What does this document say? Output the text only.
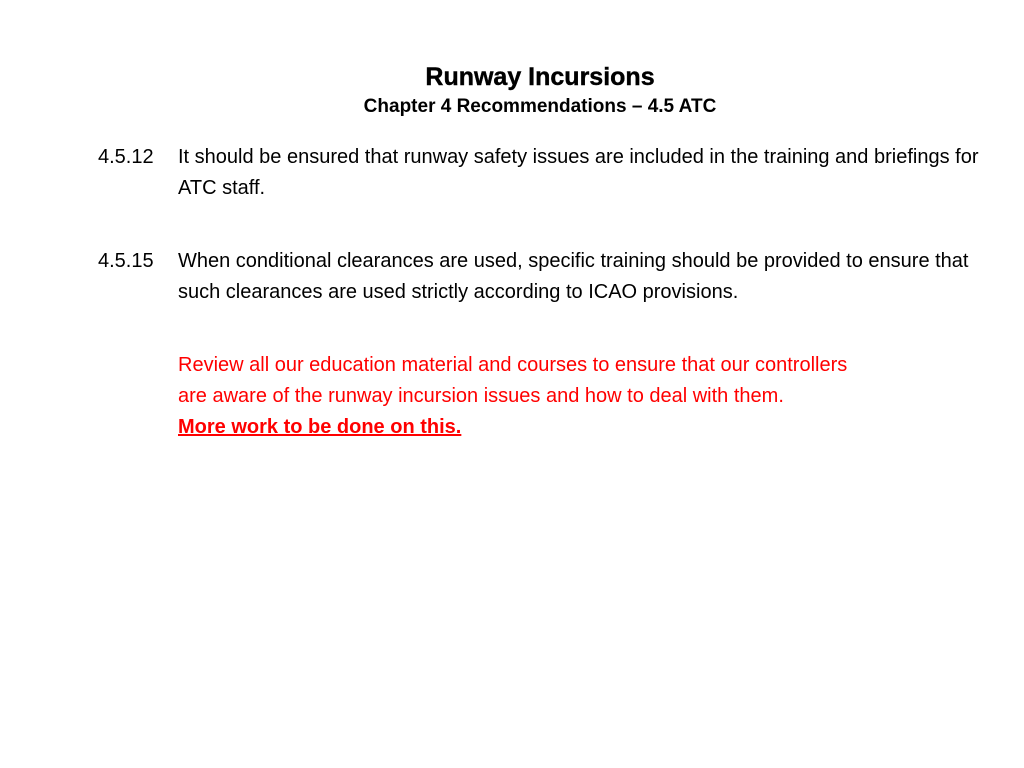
Runway Incursions
Chapter 4 Recommendations – 4.5 ATC
4.5.12	It should be ensured that runway safety issues are included in the training and briefings for ATC staff.
4.5.15	When conditional clearances are used, specific training should be provided to ensure that such clearances are used strictly according to ICAO provisions.
Review all our education material and courses to ensure that our controllers
are aware of the runway incursion issues and how to deal with them.
More work to be done on this.
